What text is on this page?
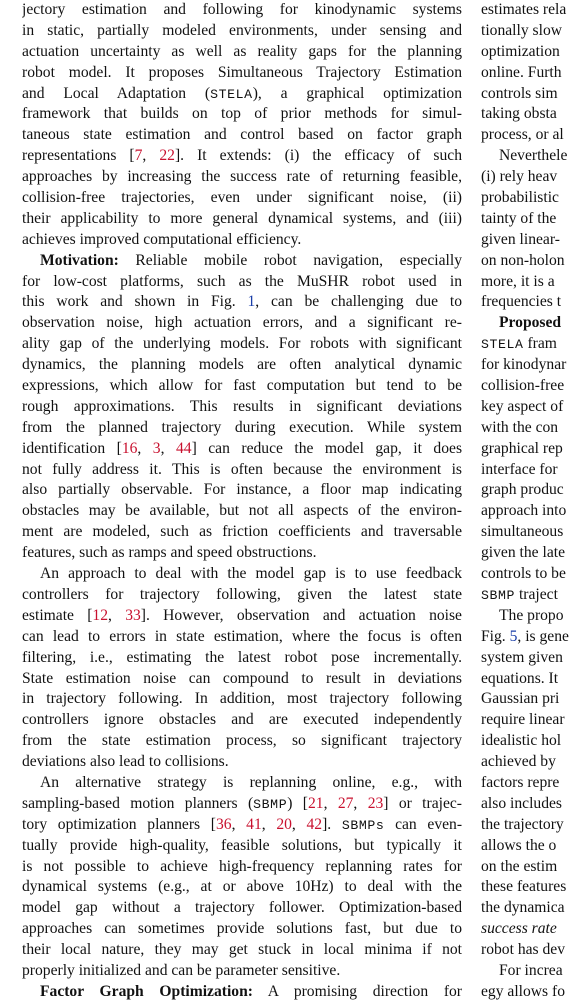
jectory estimation and following for kinodynamic systems
in static, partially modeled environments, under sensing and
actuation uncertainty as well as reality gaps for the planning
robot model. It proposes Simultaneous Trajectory Estimation
and Local Adaptation (STELA), a graphical optimization
framework that builds on top of prior methods for simul-
taneous state estimation and control based on factor graph
representations [7, 22]. It extends: (i) the efficacy of such
approaches by increasing the success rate of returning feasible,
collision-free trajectories, even under significant noise, (ii)
their applicability to more general dynamical systems, and (iii)
achieves improved computational efficiency.
Motivation: Reliable mobile robot navigation, especially
for low-cost platforms, such as the MuSHR robot used in
this work and shown in Fig. 1, can be challenging due to
observation noise, high actuation errors, and a significant re-
ality gap of the underlying models. For robots with significant
dynamics, the planning models are often analytical dynamic
expressions, which allow for fast computation but tend to be
rough approximations. This results in significant deviations
from the planned trajectory during execution. While system
identification [16, 3, 44] can reduce the model gap, it does
not fully address it. This is often because the environment is
also partially observable. For instance, a floor map indicating
obstacles may be available, but not all aspects of the environ-
ment are modeled, such as friction coefficients and traversable
features, such as ramps and speed obstructions.
An approach to deal with the model gap is to use feedback
controllers for trajectory following, given the latest state
estimate [12, 33]. However, observation and actuation noise
can lead to errors in state estimation, where the focus is often
filtering, i.e., estimating the latest robot pose incrementally.
State estimation noise can compound to result in deviations
in trajectory following. In addition, most trajectory following
controllers ignore obstacles and are executed independently
from the state estimation process, so significant trajectory
deviations also lead to collisions.
An alternative strategy is replanning online, e.g., with
sampling-based motion planners (SBMP) [21, 27, 23] or trajec-
tory optimization planners [36, 41, 20, 42]. SBMPs can even-
tually provide high-quality, feasible solutions, but typically it
is not possible to achieve high-frequency replanning rates for
dynamical systems (e.g., at or above 10Hz) to deal with the
model gap without a trajectory follower. Optimization-based
approaches can sometimes provide solutions fast, but due to
their local nature, they may get stuck in local minima if not
properly initialized and can be parameter sensitive.
Factor Graph Optimization: A promising direction for
estimates rela
tionally slow
optimization
online. Furth
controls sim
taking obsta
process, or al
Neverthele
(i) rely heav
probabilistic
tainty of the
given linear-
on non-holon
more, it is a
frequencies t
Proposed
STELA fram
for kinodynar
collision-free
key aspect of
with the con
graphical rep
interface for
graph produc
approach into
simultaneous
given the late
controls to be
SBMP traject
The propo
Fig. 5, is gene
system given
equations. It
Gaussian pri
require linear
idealistic hol
achieved by
factors repre
also includes
the trajectory
allows the o
on the estim
these features
the dynamica
success rate
robot has dev
For increa
egy allows fo
